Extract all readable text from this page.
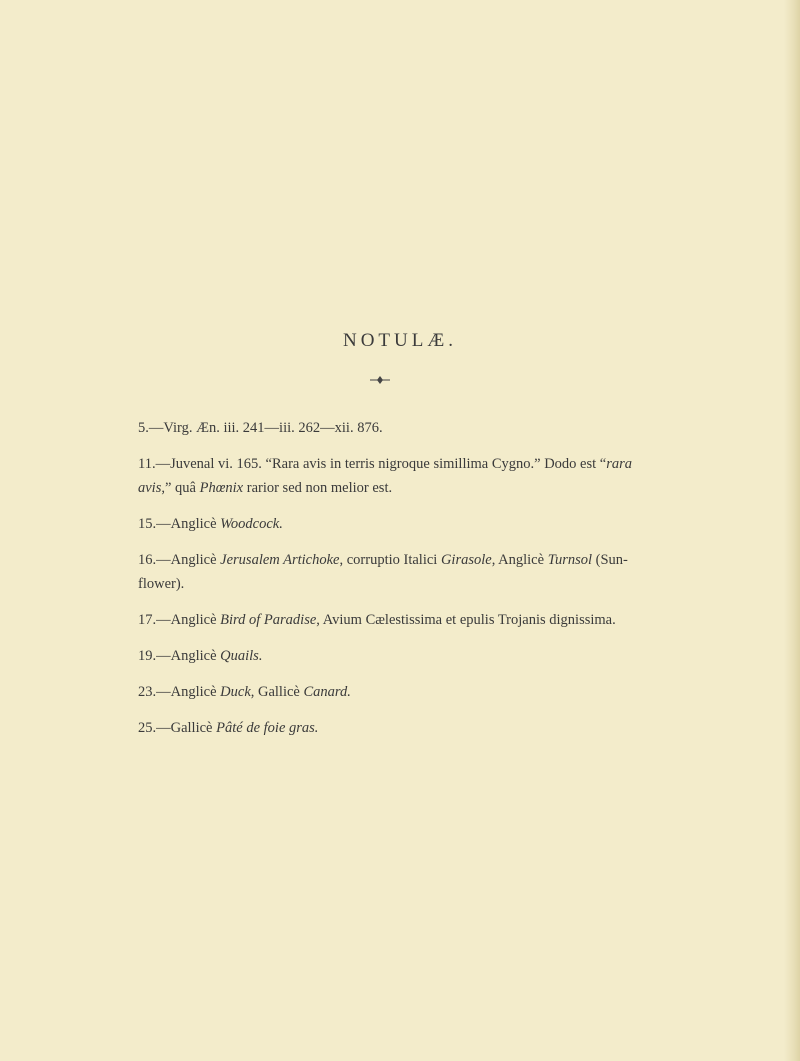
NOTULÆ.

5.—Virg. Æn. iii. 241—iii. 262—xii. 876.

11.—Juvenal vi. 165. “Rara avis in terris nigroque simillima Cygno.” Dodo est “rara avis,” quâ Phœnix rarior sed non melior est.

15.—Anglicè Woodcock.

16.—Anglicè Jerusalem Artichoke, corruptio Italici Girasole, Anglicè Turnsol (Sun-flower).

17.—Anglicè Bird of Paradise, Avium Cælestissima et epulis Trojanis dignissima.

19.—Anglicè Quails.

23.—Anglicè Duck, Gallicè Canard.

25.—Gallicè Pâté de foie gras.
